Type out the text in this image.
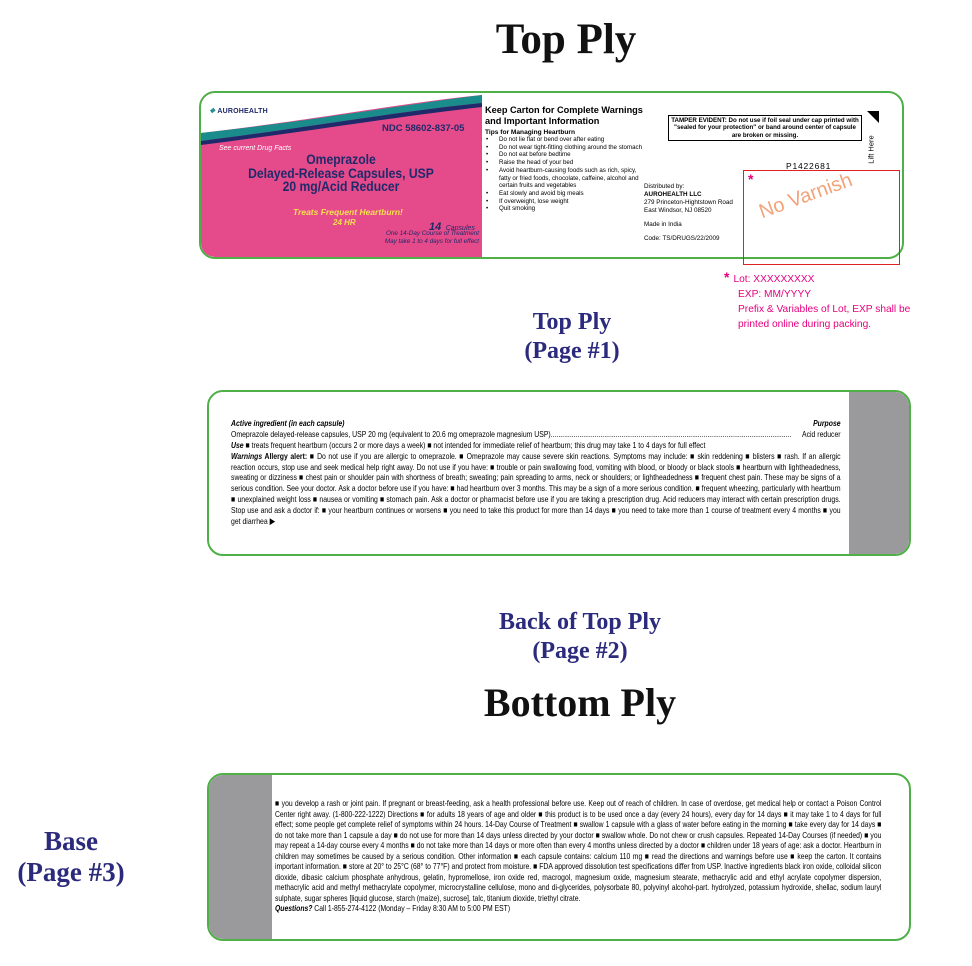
Top Ply
❖ AUROHEALTH
NDC 58602-837-05
See current Drug Facts
Omeprazole
Delayed-Release Capsules, USP
20 mg/Acid Reducer
Treats Frequent Heartburn!
24 HR	14 Capsules
One 14-Day Course of Treatment
May take 1 to 4 days for full effect
Keep Carton for Complete Warnings
and Important Information
Tips for Managing Heartburn
• Do not lie flat or bend over after eating
• Do not wear tight-fitting clothing around the stomach
• Do not eat before bedtime
• Raise the head of your bed
• Avoid heartburn-causing foods such as rich, spicy, fatty or fried foods, chocolate, caffeine, alcohol and certain fruits and vegetables
• Eat slowly and avoid big meals
• If overweight, lose weight
• Quit smoking
Distributed by:
AUROHEALTH LLC
279 Princeton-Hightstown Road
East Windsor, NJ 08520
Made in India
Code: TS/DRUGS/22/2009
TAMPER EVIDENT: Do not use if foil seal under cap printed with "sealed for your protection" or band around center of capsule are broken or missing.
Lift Here
P1422681
* No Varnish
* Lot: XXXXXXXXX
EXP: MM/YYYY
Prefix & Variables of Lot, EXP shall be
printed online during packing.
Top Ply
(Page #1)
Active ingredient (in each capsule)	Purpose
Omeprazole delayed-release capsules, USP 20 mg (equivalent to 20.6 mg omeprazole magnesium USP).............................................................................................................................. Acid reducer
Use ■ treats frequent heartburn (occurs 2 or more days a week) ■ not intended for immediate relief of heartburn; this drug may take 1 to 4 days for full effect
Warnings Allergy alert: ■ Do not use if you are allergic to omeprazole. ■ Omeprazole may cause severe skin reactions. Symptoms may include: ■ skin reddening ■ blisters ■ rash. If an allergic reaction occurs, stop use and seek medical help right away. Do not use if you have: ■ trouble or pain swallowing food, vomiting with blood, or bloody or black stools ■ heartburn with lightheadedness, sweating or dizziness ■ chest pain or shoulder pain with shortness of breath; sweating; pain spreading to arms, neck or shoulders; or lightheadedness ■ frequent chest pain. These may be signs of a serious condition. See your doctor. Ask a doctor before use if you have: ■ had heartburn over 3 months. This may be a sign of a more serious condition. ■ frequent wheezing, particularly with heartburn ■ unexplained weight loss ■ nausea or vomiting ■ stomach pain. Ask a doctor or pharmacist before use if you are taking a prescription drug. Acid reducers may interact with certain prescription drugs. Stop use and ask a doctor if: ■ your heartburn continues or worsens ■ you need to take this product for more than 14 days ■ you need to take more than 1 course of treatment every 4 months ■ you get diarrhea ▶
Back of Top Ply
(Page #2)
Bottom Ply
Base
(Page #3)
■ you develop a rash or joint pain. If pregnant or breast-feeding, ask a health professional before use. Keep out of reach of children. In case of overdose, get medical help or contact a Poison Control Center right away. (1-800-222-1222) Directions ■ for adults 18 years of age and older ■ this product is to be used once a day (every 24 hours), every day for 14 days ■ it may take 1 to 4 days for full effect; some people get complete relief of symptoms within 24 hours. 14-Day Course of Treatment ■ swallow 1 capsule with a glass of water before eating in the morning ■ take every day for 14 days ■ do not take more than 1 capsule a day ■ do not use for more than 14 days unless directed by your doctor ■ swallow whole. Do not chew or crush capsules. Repeated 14-Day Courses (if needed) ■ you may repeat a 14-day course every 4 months ■ do not take more than 14 days or more often than every 4 months unless directed by a doctor ■ children under 18 years of age: ask a doctor. Heartburn in children may sometimes be caused by a serious condition. Other information ■ each capsule contains: calcium 110 mg ■ read the directions and warnings before use ■ keep the carton. It contains important information. ■ store at 20° to 25°C (68° to 77°F) and protect from moisture. ■ FDA approved dissolution test specifications differ from USP. Inactive ingredients black iron oxide, colloidal silicon dioxide, dibasic calcium phosphate anhydrous, gelatin, hypromellose, iron oxide red, macrogol, magnesium oxide, magnesium stearate, methacrylic acid and ethyl acrylate copolymer dispersion, methacrylic acid and methyl methacrylate copolymer, microcrystalline cellulose, mono and di-glycerides, polysorbate 80, polyvinyl alcohol-part. hydrolyzed, potassium hydroxide, shellac, sodium lauryl sulphate, sugar spheres [liquid glucose, starch (maize), sucrose], talc, titanium dioxide, triethyl citrate.
Questions? Call 1-855-274-4122 (Monday – Friday 8:30 AM to 5:00 PM EST)
